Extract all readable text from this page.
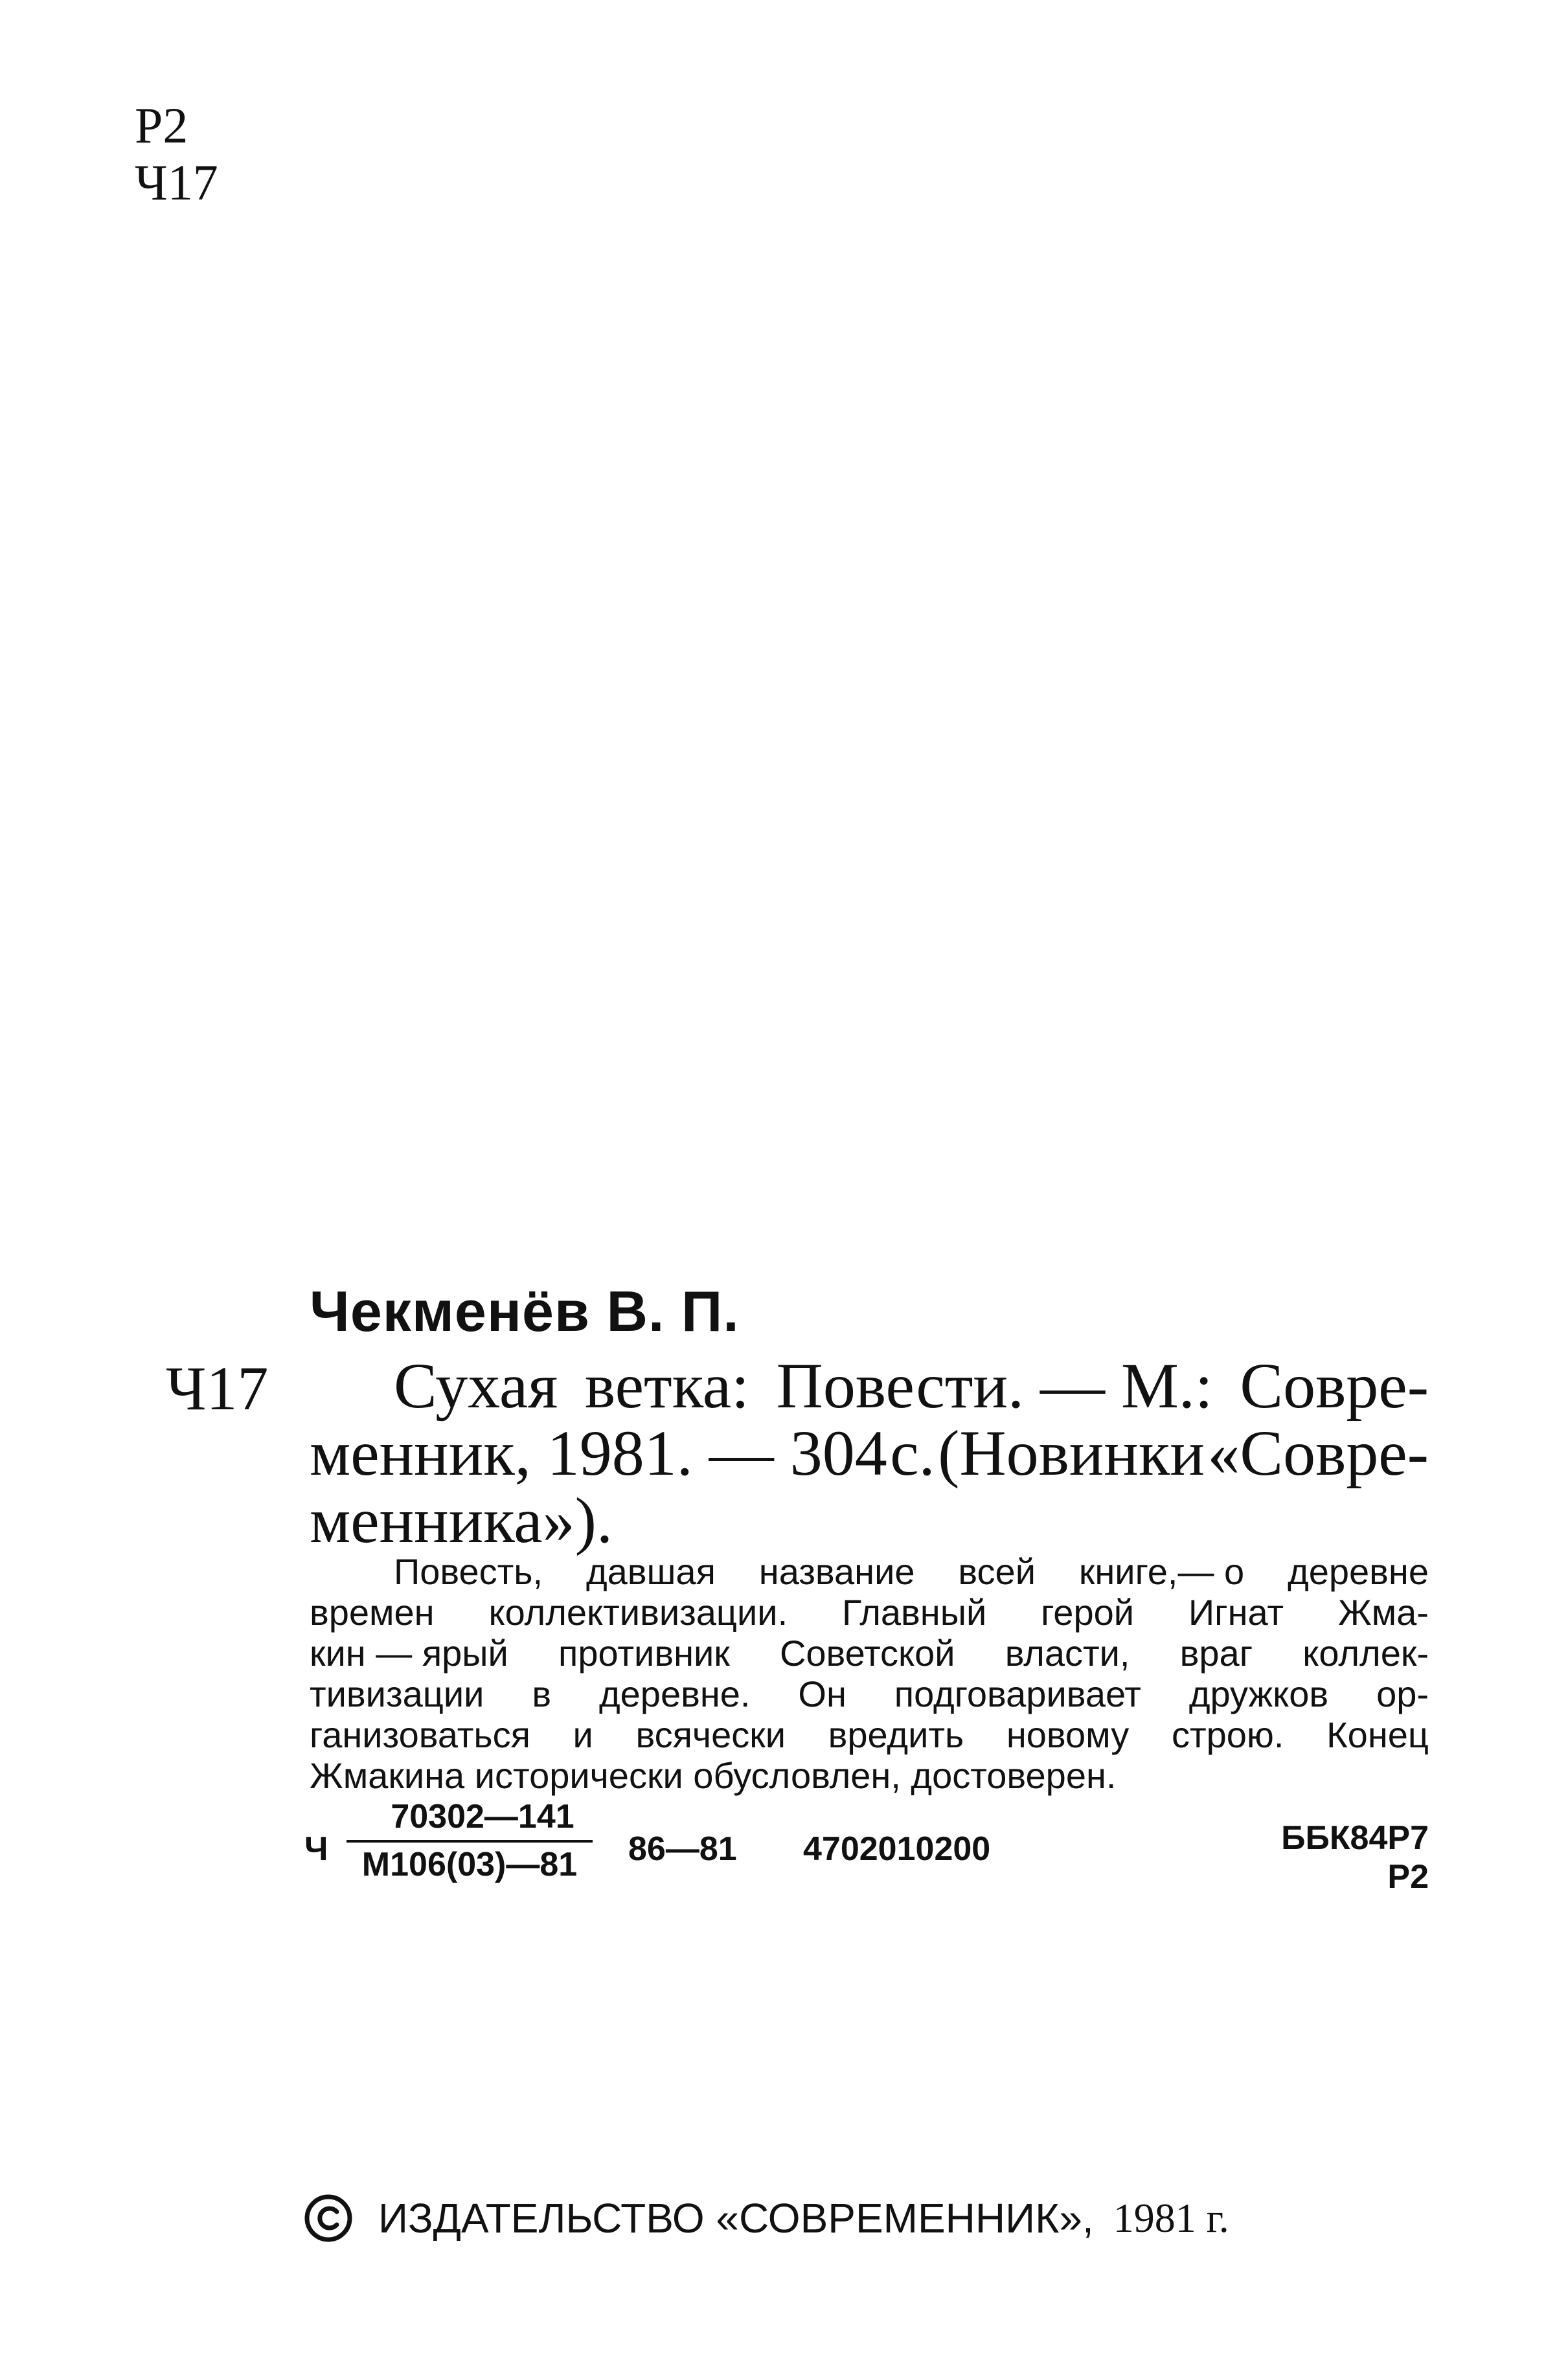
Р2
Ч17
Чекменёв В. П.
Ч17 Сухая ветка: Повести. — М.: Совре-
менник, 1981. — 304 с. (Новинки «Совре-
менника»).
Повесть, давшая название всей книге,— о деревне
времен коллективизации. Главный герой Игнат Жма-
кин — ярый противник Советской власти, враг коллек-
тивизации в деревне. Он подговаривает дружков ор-
ганизоваться и всячески вредить новому строю. Конец
Жмакина исторически обусловлен, достоверен.
Ч
70302—141
М106(03)—81	86—81 4702010200	ББК84Р7
Р2
ИЗДАТЕЛЬСТВО «СОВРЕМЕННИК», 1981 г.
